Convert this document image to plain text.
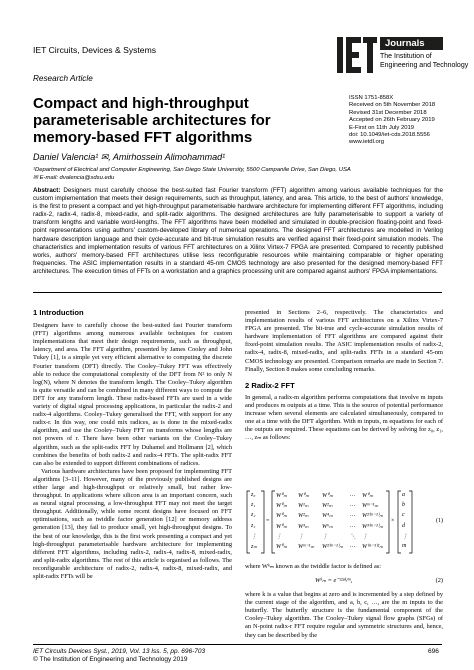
IET Circuits, Devices & Systems
Research Article
Journals
The Institution of
Engineering and Technology
Compact and high-throughput parameterisable architectures for memory-based FFT algorithms
ISSN 1751-858X
Received on 5th November 2018
Revised 31st December 2018
Accepted on 26th February 2019
E-First on 11th July 2019
doi: 10.1049/iet-cds.2018.5556
www.ietdl.org
Daniel Valencia¹ ✉, Amirhossein Alimohammad¹
¹Department of Electrical and Computer Engineering, San Diego State University, 5500 Campanile Drive, San Diego, USA
✉ E-mail: dvalencia@sdsu.edu
Abstract: Designers must carefully choose the best-suited fast Fourier transform (FFT) algorithm among various available techniques for the custom implementation that meets their design requirements, such as throughput, latency, and area. This article, to the best of authors' knowledge, is the first to present a compact and yet high-throughput parameterisable hardware architecture for implementing different FFT algorithms, including radix-2, radix-4, radix-8, mixed-radix, and split-radix algorithms. The designed architectures are fully parameterisable to support a variety of transform lengths and variable word-lengths. The FFT algorithms have been modelled and simulated in double-precision floating-point and fixed-point representations using authors' custom-developed library of numerical operations. The designed FFT architectures are modelled in Verilog hardware description language and their cycle-accurate and bit-true simulation results are verified against their fixed-point simulation models. The characteristics and implementation results of various FFT architectures on a Xilinx Virtex-7 FPGA are presented. Compared to recently published works, authors' memory-based FFT architectures utilise less reconfigurable resources while maintaining comparable or higher operating frequencies. The ASIC implementation results in a standard 45-nm CMOS technology are also presented for the designed memory-based FFT architectures. The execution times of FFTs on a workstation and a graphics processing unit are compared against authors' FPGA implementations.

1 Introduction

Designers have to carefully choose the best-suited fast Fourier transform (FFT) algorithms among numerous available techniques for custom implementations that meet their design requirements, such as throughput, latency, and area. The FFT algorithm, presented by James Cooley and John Tukey [1], is a simple yet very efficient alternative to computing the discrete Fourier transform (DFT) directly. The Cooley–Tukey FFT was effectively able to reduce the computational complexity of the DFT from N² to only N log(N), where N denotes the transform length. The Cooley–Tukey algorithm is quite versatile and can be combined in many different ways to compute the DFT for any transform length. These radix-based FFTs are used in a wide variety of digital signal processing applications, in particular the radix-2 and radix-4 algorithms. Cooley–Tukey generalised the FFT, with support for any radix-r. In this way, one could mix radices, as is done in the mixed-radix algorithm, and use the Cooley–Tukey FFT on transforms whose lengths are not powers of r. There have been other variants on the Cooley–Tukey algorithm, such as the split-radix FFT by Duhamel and Hollmann [2], which combines the benefits of both radix-2 and radix-4 FFTs. The split-radix FFT can also be extended to support different combinations of radices.

Various hardware architectures have been proposed for implementing FFT algorithms [3–11]. However, many of the previously published designs are either large and high-throughput or relatively small, but rather low-throughput. In applications where silicon area is an important concern, such as neural signal processing, a low-throughput FFT may not meet the target throughput. Additionally, while some recent designs have focused on FFT optimisations, such as twiddle factor generation [12] or memory address generation [13], they fail to produce small, yet high-throughput designs. To the best of our knowledge, this is the first work presenting a compact and yet high-throughput parameterisable hardware architecture for implementing different FFT algorithms, including radix-2, radix-4, radix-8, mixed-radix, and split-radix algorithms. The rest of this article is organised as follows. The reconfigurable architecture of radix-2, radix-4, radix-8, mixed-radix, and split-radix FFTs will be

presented in Sections 2–6, respectively. The characteristics and implementation results of various FFT architectures on a Xilinx Virtex-7 FPGA are presented. The bit-true and cycle-accurate simulation results of hardware implementation of FFT algorithms are compared against their fixed-point simulation results. The ASIC implementation results of radix-2, radix-4, radix-8, mixed-radix, and split-radix FFTs in a standard 45-nm CMOS technology are presented. Comparison remarks are made in Section 7. Finally, Section 8 makes some concluding remarks.

2 Radix-2 FFT

In general, a radix-m algorithm performs computations that involve m inputs and produces m outputs at a time. This is the source of potential performance increase when several elements are calculated simultaneously, compared to one at a time with the DFT algorithm. With m inputs, m equations for each of the outputs are required. These equations can be derived by solving for z₀, z₁, …, zₘ as follows:

=	×
z₀
z₁
z₂
z₃
⋮
zₘ
W⁰ₘ W⁰ₘ W⁰ₘ	… W⁰ₘ
W⁰ₘ W¹ₘ W²ₘ	… Wᵐ⁻¹ₘ
W⁰ₘ W²ₘ W⁴ₘ	… W²⁽ᵐ⁻¹⁾ₘ
W⁰ₘ W³ₘ W⁶ₘ	… W³⁽ᵐ⁻¹⁾ₘ
⋮	⋮	⋮	⋱ ⋮
W⁰ₘ Wᵐ⁻¹ₘ W²⁽ᵐ⁻¹⁾ₘ … W⁽ᵐ⁻¹⁾²ₘ
a
b
c
d
⋮
m
(1)

where Wᵏₘ known as the twiddle factor is defined as:

Wᵏₘ = e⁻ʲ²ᵖᵏ/ᵐ,	(2)

where k is a value that begins at zero and is incremented by a step defined by the current stage of the algorithm, and a, b, c, …, are the m inputs to the butterfly. The butterfly structure is the fundamental component of the Cooley–Tukey algorithm. The Cooley–Tukey signal flow graphs (SFGs) of an N-point radix-r FFT require regular and symmetric structures and, hence, they can be described by the

IET Circuits Devices Syst., 2019, Vol. 13 Iss. 5, pp. 696-703
© The Institution of Engineering and Technology 2019
696
